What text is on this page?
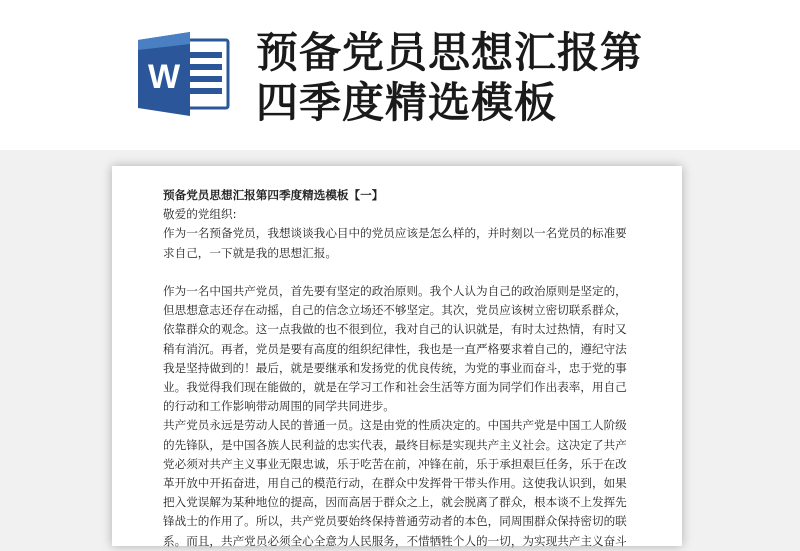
W 预备党员思想汇报第
四季度精选模板

预备党员思想汇报第四季度精选模板【一】

敬爱的党组织:

作为一名预备党员，我想谈谈我心目中的党员应该是怎么样的，并时刻以一名党员的标准要

求自己，一下就是我的思想汇报。

作为一名中国共产党员，首先要有坚定的政治原则。我个人认为自己的政治原则是坚定的，

但思想意志还存在动摇，自己的信念立场还不够坚定。其次，党员应该树立密切联系群众，

依靠群众的观念。这一点我做的也不很到位，我对自己的认识就是，有时太过热情，有时又

稍有消沉。再者，党员是要有高度的组织纪律性，我也是一直严格要求着自己的，遵纪守法

我是坚持做到的！最后，就是要继承和发扬党的优良传统，为党的事业而奋斗，忠于党的事

业。我觉得我们现在能做的，就是在学习工作和社会生活等方面为同学们作出表率，用自己

的行动和工作影响带动周围的同学共同进步。

共产党员永远是劳动人民的普通一员。这是由党的性质决定的。中国共产党是中国工人阶级

的先锋队，是中国各族人民利益的忠实代表，最终目标是实现共产主义社会。这决定了共产

党必须对共产主义事业无限忠诚，乐于吃苦在前，冲锋在前，乐于承担艰巨任务，乐于在改

革开放中开拓奋进，用自己的模范行动，在群众中发挥骨干带头作用。这使我认识到，如果

把入党误解为某种地位的提高，因而高居于群众之上，就会脱离了群众，根本谈不上发挥先

锋战士的作用了。所以，共产党员要始终保持普通劳动者的本色，同周围群众保持密切的联

系。而且，共产党员必须全心全意为人民服务，不惜牺牲个人的一切，为实现共产主义奋斗
